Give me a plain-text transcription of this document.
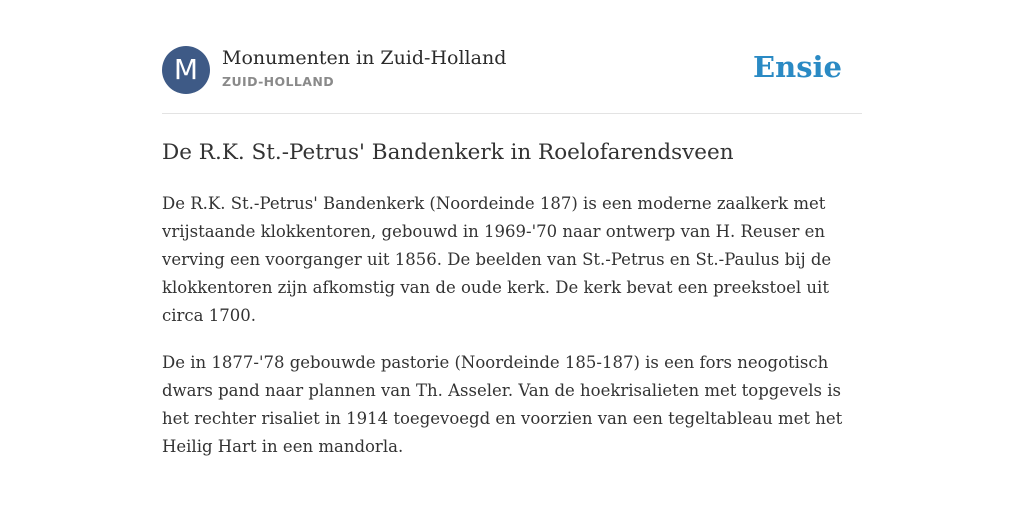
M	Monumenten in Zuid-Holland
ZUID-HOLLAND	Ensie
De R.K. St.-Petrus' Bandenkerk in Roelofarendsveen

De R.K. St.-Petrus' Bandenkerk (Noordeinde 187) is een moderne zaalkerk met vrijstaande klokkentoren, gebouwd in 1969-'70 naar ontwerp van H. Reuser en verving een voorganger uit 1856. De beelden van St.-Petrus en St.-Paulus bij de klokkentoren zijn afkomstig van de oude kerk. De kerk bevat een preekstoel uit circa 1700.

De in 1877-'78 gebouwde pastorie (Noordeinde 185-187) is een fors neogotisch dwars pand naar plannen van Th. Asseler. Van de hoekrisalieten met topgevels is het rechter risaliet in 1914 toegevoegd en voorzien van een tegeltableau met het Heilig Hart in een mandorla.
